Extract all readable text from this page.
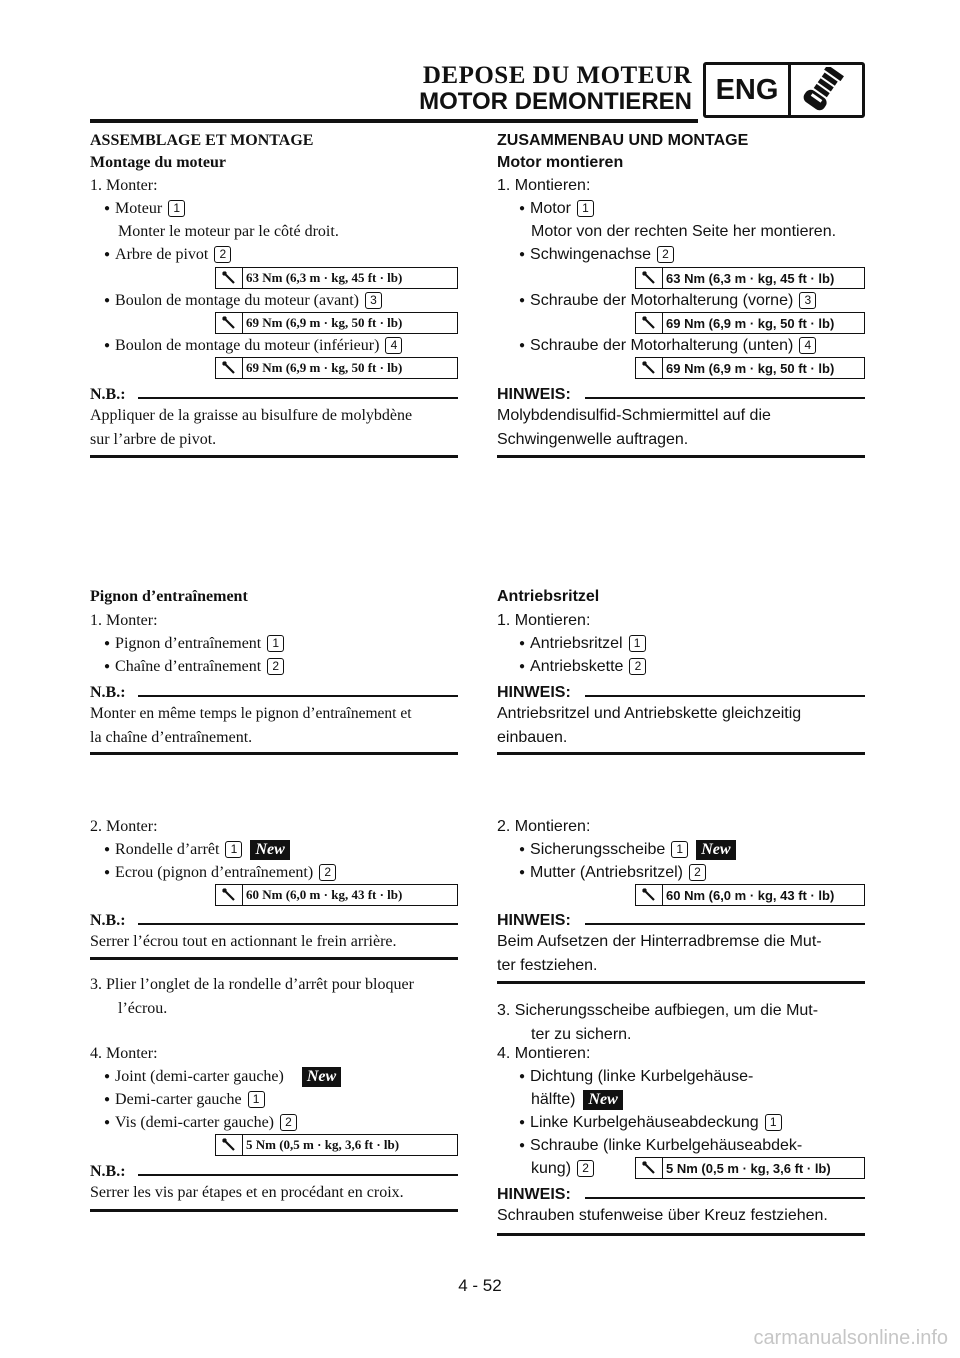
DEPOSE DU MOTEUR
MOTOR DEMONTIEREN ENG
ASSEMBLAGE ET MONTAGE
Montage du moteur
1. Monter:
● Moteur 1
Monter le moteur par le côté droit.
● Arbre de pivot 2
63 Nm (6,3 m · kg, 45 ft · lb)
● Boulon de montage du moteur (avant) 3
69 Nm (6,9 m · kg, 50 ft · lb)
● Boulon de montage du moteur (inférieur) 4
69 Nm (6,9 m · kg, 50 ft · lb)
N.B.:
Appliquer de la graisse au bisulfure de molybdène
sur l’arbre de pivot.
Pignon d’entraînement
1. Monter:
● Pignon d’entraînement 1
● Chaîne d’entraînement 2
N.B.:
Monter en même temps le pignon d’entraînement et
la chaîne d’entraînement.
2. Monter:
● Rondelle d’arrêt 1 New
● Ecrou (pignon d’entraînement) 2
60 Nm (6,0 m · kg, 43 ft · lb)
N.B.:
Serrer l’écrou tout en actionnant le frein arrière.
3. Plier l’onglet de la rondelle d’arrêt pour bloquer
l’écrou.
4. Monter:
● Joint (demi-carter gauche) New
● Demi-carter gauche 1
● Vis (demi-carter gauche) 2
5 Nm (0,5 m · kg, 3,6 ft · lb)
N.B.:
Serrer les vis par étapes et en procédant en croix.
ZUSAMMENBAU UND MONTAGE
Motor montieren
1. Montieren:
● Motor 1
Motor von der rechten Seite her montieren.
● Schwingenachse 2
63 Nm (6,3 m · kg, 45 ft · lb)
● Schraube der Motorhalterung (vorne) 3
69 Nm (6,9 m · kg, 50 ft · lb)
● Schraube der Motorhalterung (unten) 4
69 Nm (6,9 m · kg, 50 ft · lb)
HINWEIS:
Molybdendisulfid-Schmiermittel auf die
Schwingenwelle auftragen.
Antriebsritzel
1. Montieren:
● Antriebsritzel 1
● Antriebskette 2
HINWEIS:
Antriebsritzel und Antriebskette gleichzeitig
einbauen.
2. Montieren:
● Sicherungsscheibe 1 New
● Mutter (Antriebsritzel) 2
60 Nm (6,0 m · kg, 43 ft · lb)
HINWEIS:
Beim Aufsetzen der Hinterradbremse die Mut-
ter festziehen.
3. Sicherungsscheibe aufbiegen, um die Mut-
ter zu sichern.
4. Montieren:
● Dichtung (linke Kurbelgehäuse-
hälfte) New
● Linke Kurbelgehäuseabdeckung 1
● Schraube (linke Kurbelgehäuseabdek-
kung) 2	5 Nm (0,5 m · kg, 3,6 ft · lb)
HINWEIS:
Schrauben stufenweise über Kreuz festziehen.
4 - 52
carmanualsonline.info
